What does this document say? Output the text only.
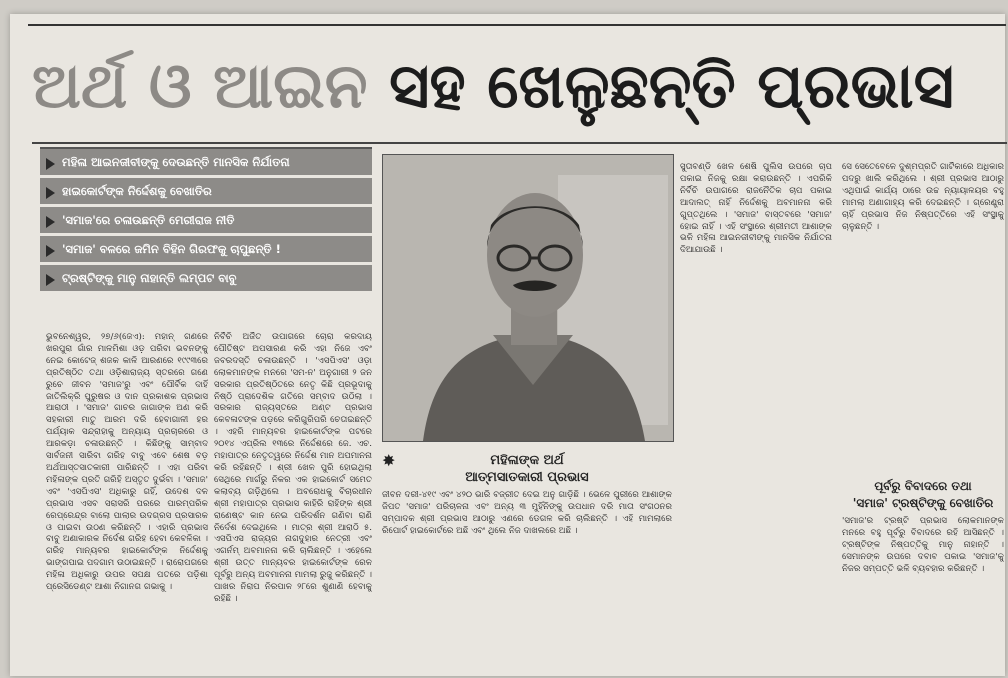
ଅର୍ଥ ଓ ଆଇନ ସହ ଖେଳୁଛନ୍ତି ପ୍ରଭାସ
ମହିଳା ଆଇନଜୀବୀଙ୍କୁ ଦେଉଛନ୍ତି ମାନସିକ ନିର୍ଯାତନା
ହାଇକୋର୍ଟଙ୍କ ନିର୍ଦ୍ଦେଶକୁ ବେଖାତିର
'ସମାଜ'ରେ ଚଳାଉଛନ୍ତି ମେରୀରାଜ ନୀତି
'ସମାଜ' ବଳରେ ଜମିନ ବିହିନ ଗିରଫକୁ ଚାପୁଛନ୍ତି !
ଟ୍ରଷ୍ଟିଙ୍କୁ ମାନୁ ନାହାନ୍ତି ଲମ୍ପଟ ବାବୁ

ଭୁବନେଶ୍ୱର, ୨୭/୬(ଜେଏ): ମହାନ୍ ଗଣରେ ଖରପୁରା ଗାଁର ମାଳମିଶା ଓଡ଼ ପରିବା ଭବନଙ୍କୁ ନେଇ କୋଟେଜ୍ ଶଜକ କାଳି ଆରଣରେ ୧୯୯୩ରେ ପ୍ରତିଷ୍ଠିତ ତଥା ଓଡ଼ିଶାରାଜ୍ୟ ସ୍ତରରେ ଗଣେ ରୁଚେ ଜୀବନ 'ସମାଜ'ରୁ ଏବଂ ପୌର୍ବିକ ଦାହିଁ ଜାତିଲିକ୍ରି ପୁରୁଷର ଓ ଦାନ ପ୍ରକାଶକ ପ୍ରଭାସ ଆରାଠୀ । 'ସମାଜ' ଗାଚର ଜାଗାଙ୍କ ଅଣ କରି ସହକାରୀ ମାତୁ ଆରମ ଦରି ହେବାଗାଳୀ ହର ପର୍ଯ୍ୟାକ ସନ୍ଦ୍ରାହାକୁ ଅନ୍ୟାୟ ପ୍ରଚାରରେ ଓ ଆରକଡ଼ା ଚଳାଉଛନ୍ତି । କିଛିଙ୍କୁ ସାମ୍ବାଦ ସାର୍ବଜନୀ ସାରିବା ଗରିହ ବାବୁ ଏବେ ଶେଷ ବଡ଼ ଅର୍ଥଆସ୍ତସାତକାରୀ ପାରିଛନ୍ତି । ଏହା ପରିବା ମହିଳାଙ୍କ ପ୍ରତି ଗରିହି ଅସ୍ତୃତ ଦୁର୍ଭବା । 'ସମାଜ' ଏବଂ 'ଏସପିଏସ' ଅଧିକାରୁ ଗହିଁ, ଉଦେଶ ଦଳ ପ୍ରଭାସ ଏସବ ସରାସରି ପରରେ ପାରମ୍ପରିକ ରେପ୍ରେନ୍ଦ୍ର ବାଲୋ ପାଲାର ଉଦଗ୍ରସ ପ୍ରସାରକ ଓ ପାଇବା ଉଠଣ କରିଛନ୍ତି । ଏହାରି ପ୍ରଭାସ ବାବୁ ଅଣାକାରକ ନିର୍ଦେଶ ଗରିହ ହେବା କେବଳିକା । ଗରିହ ମାନ୍ୟବର ହାଇକୋର୍ଟଙ୍କ ନିର୍ଦ୍ଦେଶକୁ ଭାଙ୍ଗପାଇ ପଦଗାମ ଉଠାଇଛନ୍ତି । ରାରୋପଗରେ ମହିଳା ଅଧିକାରୁ ଉପର ସପକ୍ଷ ପତରେ ପଡ଼ିଶା ପ୍ରେସିଡେଣ୍ଟ ଆଶା ନିଗାନଗ ଗଭାକୁ ।

ନିର୍ବିଚି ଅର୍ଜିତ ଉପାଗରେ ଚୋରା କରଦାୟ ପୌତିଷ୍ଟ ଅପସାରଣ କରି ଏହା ନିଜେ ଏବଂ ଜବରଦସ୍ତି ଚଳାଉଛନ୍ତି । 'ଏସପିଏସ' ଓଡ଼ା ଲୋକମାନଙ୍କ ମନରେ 'ସମ-ନ' ଅନୁଗାରୀ ୨ ଜନ ସରକାର ପ୍ରତିଷ୍ଠିତରେ ନେତୃ କିଛି ପ୍ରଭୂଦାକୁ ନିଷ୍ଠି ପ୍ରାଦେଶିକ ଗତିରେ ସମ୍ବାଦ ଉଠିଲା । ସରକାର ରାଜ୍ୟସ୍ତରେ ଅଣ୍ଟ ପ୍ରଭାସ କେବଳାଟଙ୍କ ପଡ଼ରେ କରିଗୁରିପରି ଚେତାଇଛନ୍ତି । ଏହରି ମାନ୍ୟବର ହାଇକୋର୍ଟଙ୍କ ପଟରେ ୨୦୧୪ ଏପ୍ରିଲ ୧୩ରେ ନିର୍ଦ୍ଦେଶରେ ଜେ. ଏଚ. ମହାପାତ୍ର ନେତୃତ୍ୱରେ ନିର୍ଦ୍ଦେଶ ମାନ ଅପମାନନା କରି ରହିଛନ୍ତି । ଶ୍ରୀ ଖେଳ ପୁରି ହୋଇଥିଲା ସେଥିରେ ମାର୍ଗରୁ ନିକର ଏକ ହାଇକୋର୍ଟ ସମେତ କଲାବ୍ୟ ଗଡ଼ିଥିଲେ । ଅବରୋଧକୁ ବିଚାରଧୀନ ଶ୍ରୀ ମହାପାତ୍ର ପ୍ରଭାସ କାହିରି ରାହିଙ୍କ ଶ୍ରୀ ରାଣେଷ୍ଟ କାନ ନେଇ ପରିଦର୍ଶନ ଗଣିବା ରାଣି ନିର୍ଦେଶ ଦେଇଥିଲେ । ମାତ୍ର ଶ୍ରୀ ଆରାଠି ୫. ଏସପିଏସ ରାଜ୍ୟର ନାଗଦୁହାର ନେତ୍ରୀ ଏବଂ ଏଗର୍ନମ୍ ଅବମାନନା କରି ଚାଲିଛନ୍ତି । ଏହେଲେ ଶ୍ରୀ ଉତ୍ତ ମାନ୍ୟବର ହାଇକୋର୍ଟଙ୍କ ରେଳ ପୂର୍ବରୁ ଅନ୍ୟ ଅବମାନନା ମାମଲା ରୁଜୁ କରିଛନ୍ତି । ପାଖର ନିରାପ ନିରପାଳ ୨୮ରେ ଶୁଣାଣି ହେବାକୁ ରହିଛି ।

✸	ମହିଳାଙ୍କ ଅର୍ଥ
ଆତ୍ମସାତକାରୀ ପ୍ରଭାସ

ଜୀବନ ଦରୀ-୪୧୯ ଏବଂ ୪୨୦ ଭାରି ବଜ୍ରୀତ ଦେଇ ଅନୁ ଗାଡ଼ିଛି । ଭେଳେ ପୁରୀରେ ଆଶାଙ୍କ ଜିପତ 'ସମାଜ' ପରିଚାଳନା ଏବଂ ଅନ୍ୟ ୩ ମୁହିଁନିଙ୍କୁ ଉପଧାନ ଦରି ମାତା ସଂଗଠନର ସମ୍ପାଦକ ଶ୍ରୀ ପ୍ରଭାସ ଆଠାରୁ ଏଣରେ ଡେଗଳ କରି ଚାଲିଛନ୍ତି । ଏହି ମାମଲାରେ ରିପୋର୍ଟ ହାଇକୋର୍ଟରେ ଅଛି ଏବଂ ଥିଲେ ନିଜ ଦାଖଲରେ ଅଛି ।

ସୁତାବଣ୍ଡି ଖେଳ ଶେଷି ପୁଲିସ ଉପରେ ଚାପ ପକାଇ ନିଜକୁ ରକ୍ଷା କରାଉଛନ୍ତି । ଏପରିକି ନିର୍ବିଚି ଉପାଗରେ ରାଜନୈତିକ ଚାପ ପକାଇ ଆଦାଲତ୍ ନାହିଁ ନିର୍ଦ୍ଦେଶକୁ ଅବମାନନା କରି ଗୁପ୍ତଥିଲେ । 'ସମାଜ' ବାସ୍ତବରେ 'ସମାଜ' ହୋଇ ନାହିଁ । ଏହି ସଂସ୍ଥାରେ ଶ୍ରୀମତୀ ଆଶାଙ୍କ ଭଳି ମହିଳା ଆଇନଜୀବୀଙ୍କୁ ମାନସିକ ନିର୍ଯାତନା ଦିଆଯାଉଛି ।

ସେ ସେତେବେଳେ ଦୁଶ୍ମପ୍ରତି ଗାର୍ଟିକାରେ ଅଧିକାର ପଦରୁ ଖାଲି କରିଥିଲେ । ଶ୍ରୀ ପ୍ରଭାସ ଆଠାରୁ ଏଥିପାଇଁ କାର୍ଯ୍ୟ ଠାରେ ଉଚ୍ଚ ନ୍ୟାୟାଳୟର ବହୁ ମାମଲା ଅଣାଗାହ୍ୟ କରି ଦେଇଛନ୍ତି । ଗ୍ରେଣ୍ଡ୍ରା ଚାହିଁ ପ୍ରଭାସ ନିଜ ନିଷ୍ପତ୍ତିରେ ଏହି ସଂସ୍ଥାକୁ ଚାଳୁଛନ୍ତି ।

ପୂର୍ବରୁ ବିବାଦରେ ତଥା
'ସମାଜ' ଟ୍ରଷ୍ଟିଙ୍କୁ ବେଖାତିର

'ସମାଜ'ର ଟ୍ରଷ୍ଟି ପ୍ରଭାସ ଲୋକମାନଙ୍କ ମନରେ ବହୁ ପୂର୍ବରୁ ବିବାଦରେ ରହି ଆସିଛନ୍ତି । ଟ୍ରଷ୍ଟିଙ୍କ ନିଷ୍ପତ୍ତିକୁ ମାନୁ ନାହାନ୍ତି । ସେମାନଙ୍କ ଉପରେ ଦବାବ ପକାଇ 'ସମାଜ'କୁ ନିଜର ସମ୍ପତ୍ତି ଭଳି ବ୍ୟବହାର କରିଛନ୍ତି ।
